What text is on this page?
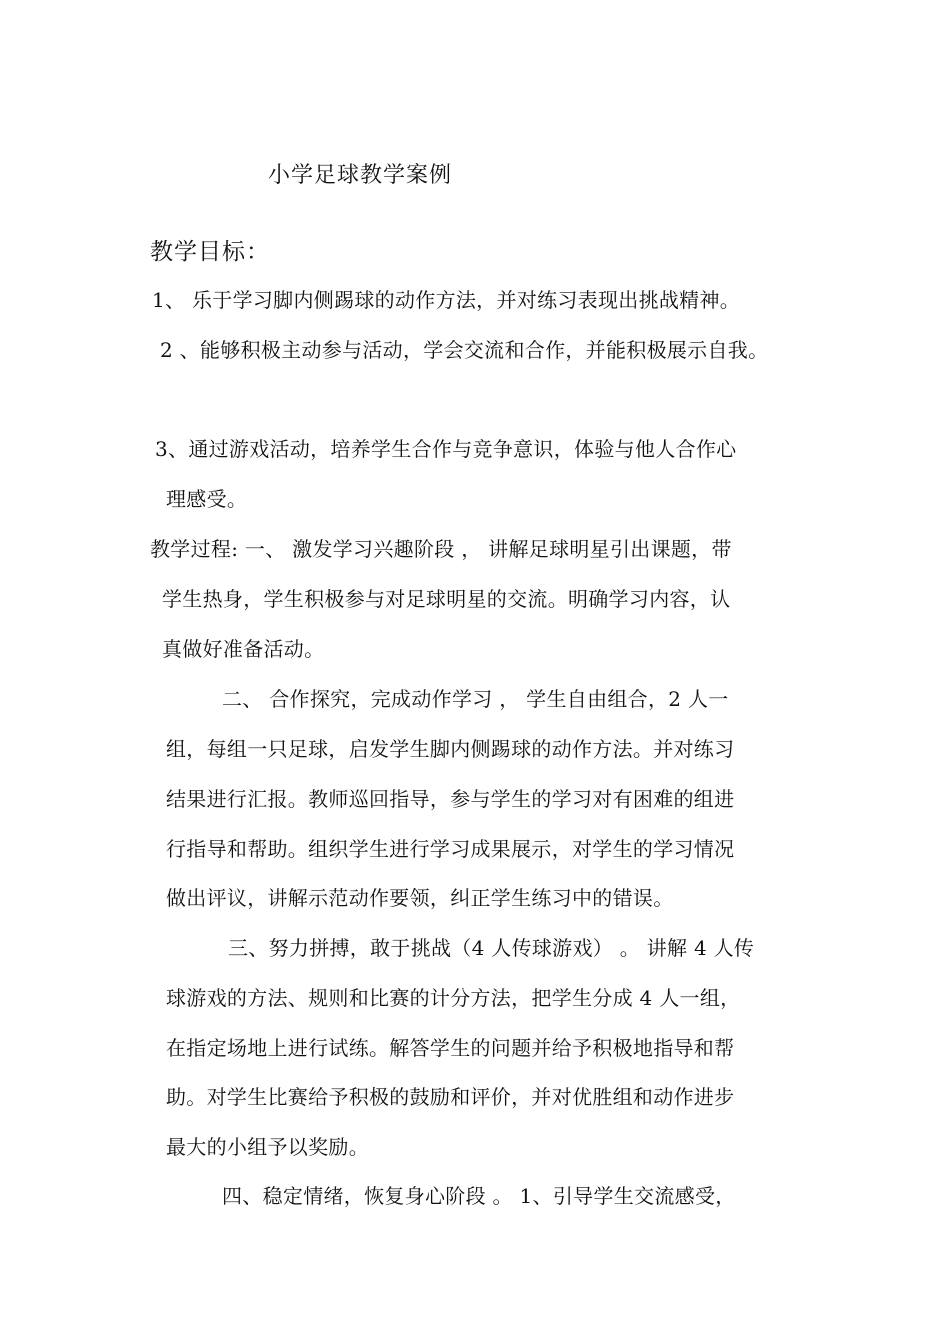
小学足球教学案例
教学目标：
1、 乐于学习脚内侧踢球的动作方法，并对练习表现出挑战精神。
2 、能够积极主动参与活动，学会交流和合作，并能积极展示自我。
3、通过游戏活动，培养学生合作与竞争意识，体验与他人合作心
理感受。
教学过程: 一、 激发学习兴趣阶段 ， 讲解足球明星引出课题，带
学生热身，学生积极参与对足球明星的交流。明确学习内容，认
真做好准备活动。
二、 合作探究，完成动作学习 ， 学生自由组合，2 人一
组，每组一只足球，启发学生脚内侧踢球的动作方法。并对练习
结果进行汇报。教师巡回指导，参与学生的学习对有困难的组进
行指导和帮助。组织学生进行学习成果展示，对学生的学习情况
做出评议，讲解示范动作要领，纠正学生练习中的错误。
三、努力拼搏，敢于挑战（4 人传球游戏） 。 讲解 4 人传
球游戏的方法、规则和比赛的计分方法，把学生分成 4 人一组，
在指定场地上进行试练。解答学生的问题并给予积极地指导和帮
助。对学生比赛给予积极的鼓励和评价，并对优胜组和动作进步
最大的小组予以奖励。
四、稳定情绪，恢复身心阶段 。 1、引导学生交流感受，
